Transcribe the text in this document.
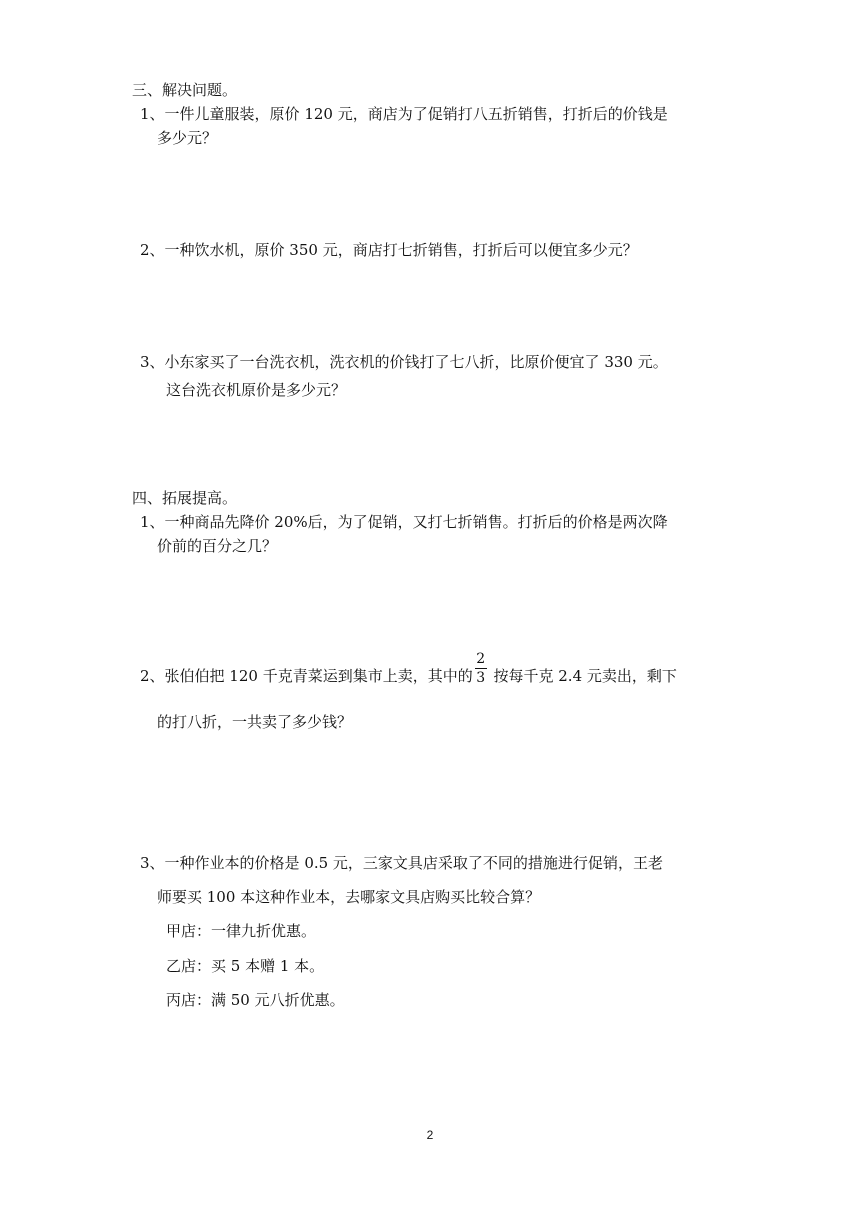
三、解决问题。
1、一件儿童服装，原价 120 元，商店为了促销打八五折销售，打折后的价钱是
多少元？
2、一种饮水机，原价 350 元，商店打七折销售，打折后可以便宜多少元？
3、小东家买了一台洗衣机，洗衣机的价钱打了七八折，比原价便宜了 330 元。
这台洗衣机原价是多少元？
四、拓展提高。
1、一种商品先降价 20%后，为了促销，又打七折销售。打折后的价格是两次降
价前的百分之几？
2、张伯伯把 120 千克青菜运到集市上卖，其中的 $\frac{2}{3}$ 按每千克 2.4 元卖出，剩下
的打八折，一共卖了多少钱？
3、一种作业本的价格是 0.5 元，三家文具店采取了不同的措施进行促销，王老
师要买 100 本这种作业本，去哪家文具店购买比较合算？
甲店：一律九折优惠。
乙店：买 5 本赠 1 本。
丙店：满 50 元八折优惠。
2
